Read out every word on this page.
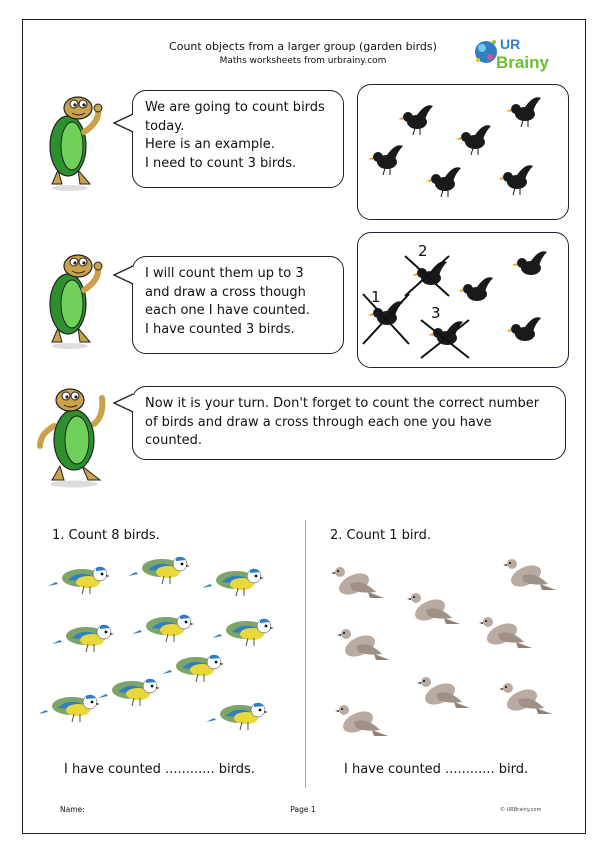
Count objects from a larger group (garden birds)
Maths worksheets from urbrainy.com
UR
Brainy
We are going to count birds
today.
Here is an example.
I need to count 3 birds.
I will count them up to 3
and draw a cross though
each one I have counted.
I have counted 3 birds.
1
2
3
Now it is your turn. Don't forget to count the correct number
of birds and draw a cross through each one you have
counted.
1. Count 8 birds.
I have counted ............ birds.
2. Count 1 bird.
I have counted ............ bird.
Name:	Page 1	© URBrainy.com
